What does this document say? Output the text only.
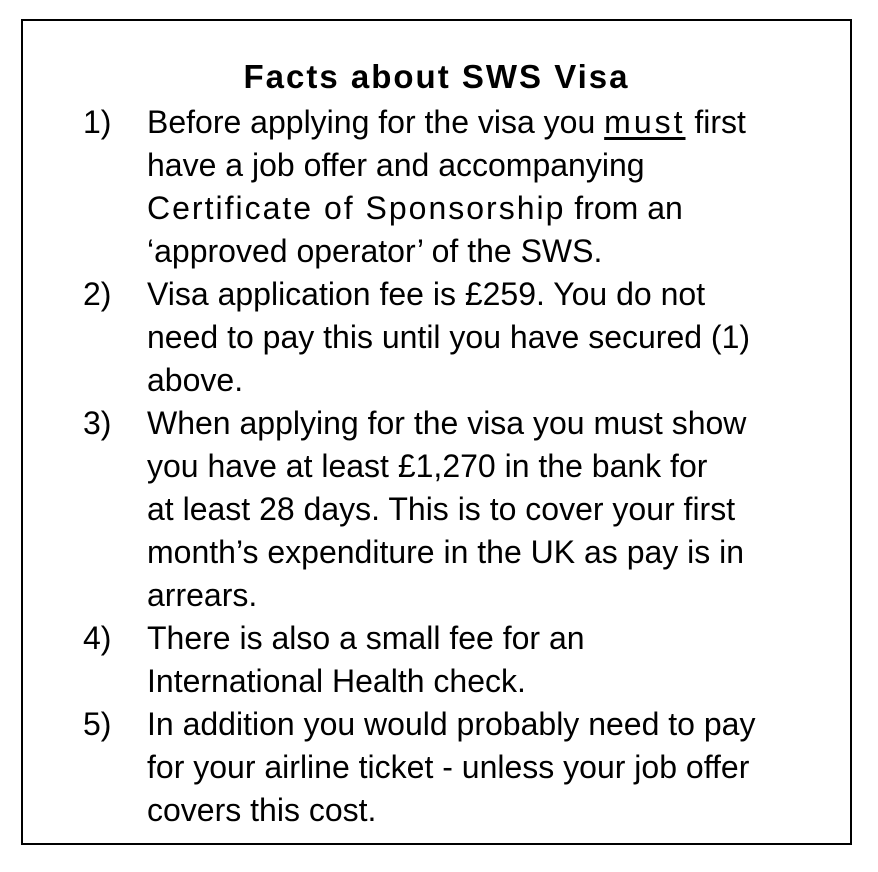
Facts about SWS Visa
1)	Before applying for the visa you must first
have a job offer and accompanying
Certificate of Sponsorship from an
‘approved operator’ of the SWS.
2)	Visa application fee is £259. You do not
need to pay this until you have secured (1)
above.
3)	When applying for the visa you must show
you have at least £1,270 in the bank for
at least 28 days. This is to cover your first
month’s expenditure in the UK as pay is in
arrears.
4)	There is also a small fee for an
International Health check.
5)	In addition you would probably need to pay
for your airline ticket - unless your job offer
covers this cost.
